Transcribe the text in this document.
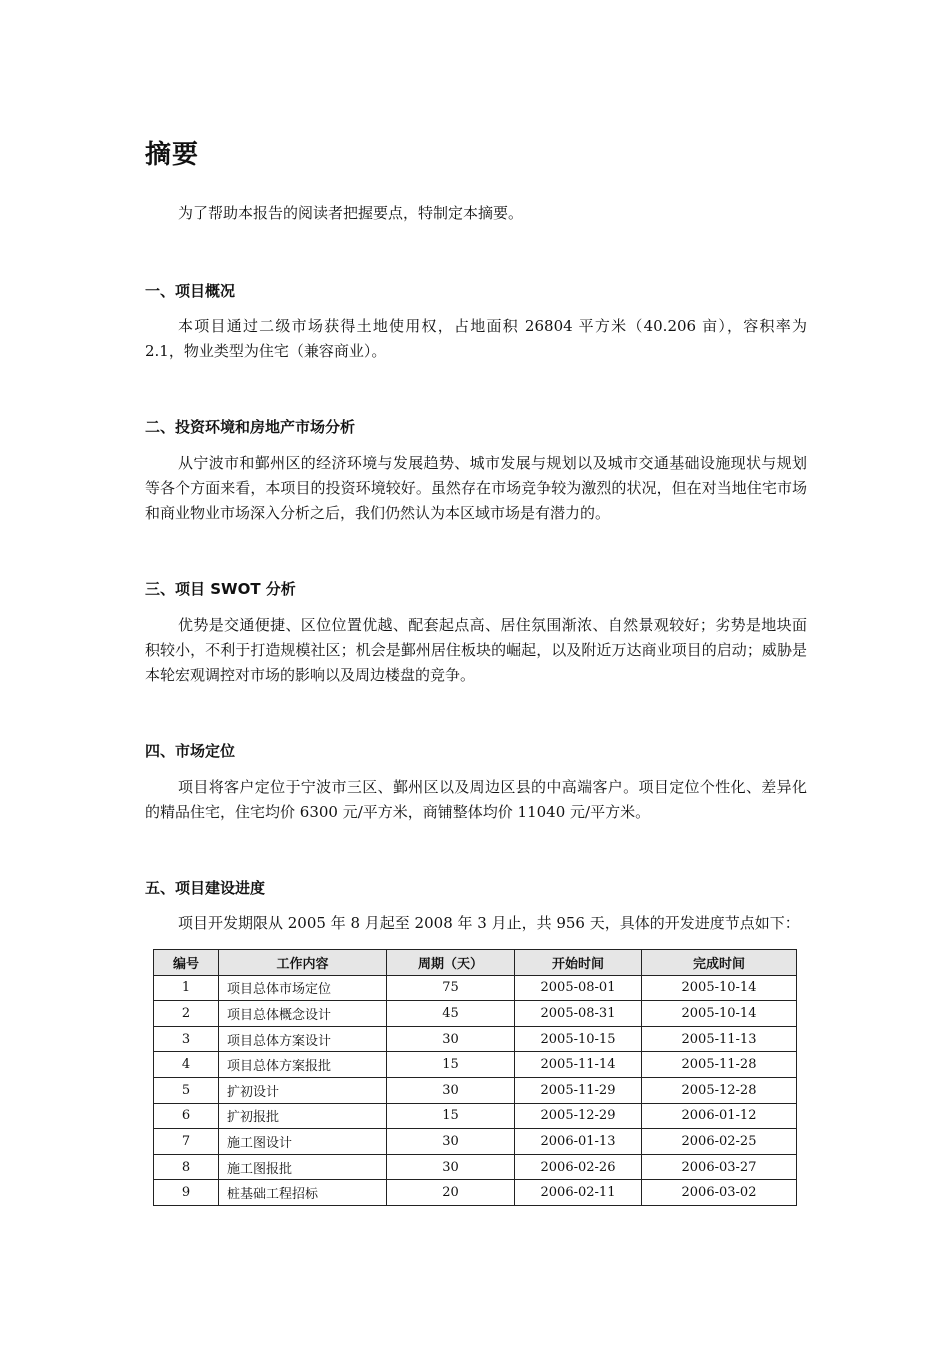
摘要

为了帮助本报告的阅读者把握要点，特制定本摘要。

一、项目概况

本项目通过二级市场获得土地使用权，占地面积 26804 平方米（40.206 亩），容积率为 2.1，物业类型为住宅（兼容商业）。

二、投资环境和房地产市场分析

从宁波市和鄞州区的经济环境与发展趋势、城市发展与规划以及城市交通基础设施现状与规划等各个方面来看，本项目的投资环境较好。虽然存在市场竞争较为激烈的状况，但在对当地住宅市场和商业物业市场深入分析之后，我们仍然认为本区域市场是有潜力的。

三、项目 SWOT 分析

优势是交通便捷、区位位置优越、配套起点高、居住氛围渐浓、自然景观较好；劣势是地块面积较小，不利于打造规模社区；机会是鄞州居住板块的崛起，以及附近万达商业项目的启动；威胁是本轮宏观调控对市场的影响以及周边楼盘的竞争。

四、市场定位

项目将客户定位于宁波市三区、鄞州区以及周边区县的中高端客户。项目定位个性化、差异化的精品住宅，住宅均价 6300 元/平方米，商铺整体均价 11040 元/平方米。

五、项目建设进度

项目开发期限从 2005 年 8 月起至 2008 年 3 月止，共 956 天，具体的开发进度节点如下：

编号	工作内容	周期（天）	开始时间	完成时间
1	项目总体市场定位	75	2005-08-01	2005-10-14
2	项目总体概念设计	45	2005-08-31	2005-10-14
3	项目总体方案设计	30	2005-10-15	2005-11-13
4	项目总体方案报批	15	2005-11-14	2005-11-28
5	扩初设计	30	2005-11-29	2005-12-28
6	扩初报批	15	2005-12-29	2006-01-12
7	施工图设计	30	2006-01-13	2006-02-25
8	施工图报批	30	2006-02-26	2006-03-27
9	桩基础工程招标	20	2006-02-11	2006-03-02
